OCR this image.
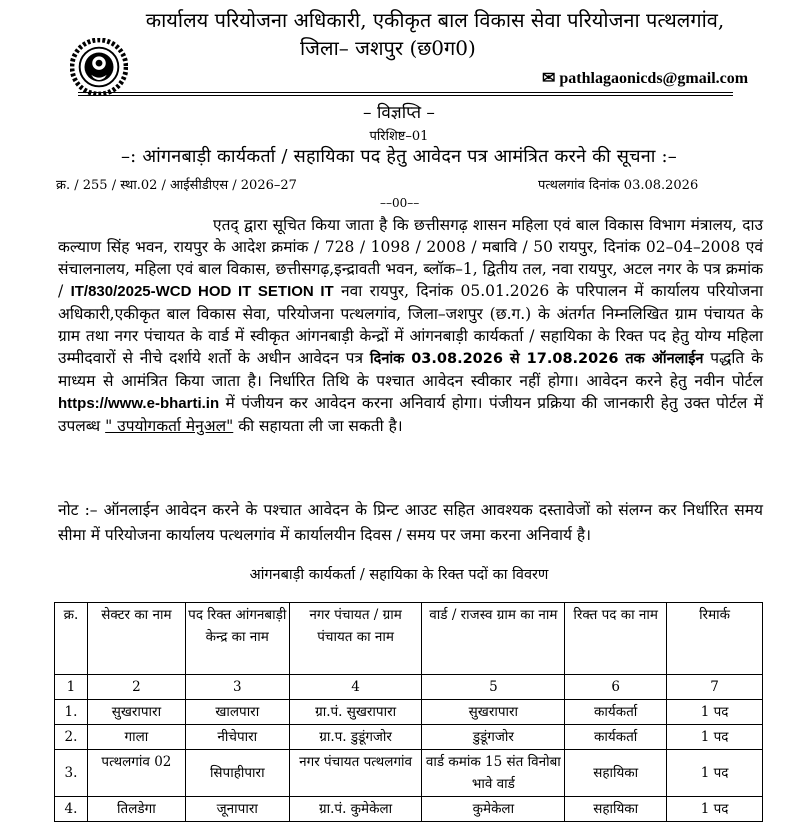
कार्यालय परियोजना अधिकारी, एकीकृत बाल विकास सेवा परियोजना पत्थलगांव,
जिला– जशपुर (छ0ग0)
✉ pathlagaonicds@gmail.com
– विज्ञप्ति –
परिशिष्ट–01
–: आंगनबाड़ी कार्यकर्ता / सहायिका पद हेतु आवेदन पत्र आमंत्रित करने की सूचना :–
क्र. / 255 / स्था.02 / आईसीडीएस / 2026–27	पत्थलगांव दिनांक 03.08.2026
––00––
एतद् द्वारा सूचित किया जाता है कि छत्तीसगढ़ शासन महिला एवं बाल विकास विभाग मंत्रालय, दाउ कल्याण सिंह भवन, रायपुर के आदेश क्रमांक / 728 / 1098 / 2008 / मबावि / 50 रायपुर, दिनांक 02–04–2008 एवं संचालनालय, महिला एवं बाल विकास, छत्तीसगढ़,इन्द्रावती भवन, ब्लॉक–1, द्वितीय तल, नवा रायपुर, अटल नगर के पत्र क्रमांक / IT/830/2025-WCD HOD IT SETION IT नवा रायपुर, दिनांक 05.01.2026 के परिपालन में कार्यालय परियोजना अधिकारी,एकीकृत बाल विकास सेवा, परियोजना पत्थलगांव, जिला–जशपुर (छ.ग.) के अंतर्गत निम्नलिखित ग्राम पंचायत के ग्राम तथा नगर पंचायत के वार्ड में स्वीकृत आंगनबाड़ी केन्द्रों में आंगनबाड़ी कार्यकर्ता / सहायिका के रिक्त पद हेतु योग्य महिला उम्मीदवारों से नीचे दर्शाये शर्तो के अधीन आवेदन पत्र दिनांक 03.08.2026 से 17.08.2026 तक ऑनलाईन पद्धति के माध्यम से आमंत्रित किया जाता है। निर्धारित तिथि के पश्चात आवेदन स्वीकार नहीं होगा। आवेदन करने हेतु नवीन पोर्टल https://www.e-bharti.in में पंजीयन कर आवेदन करना अनिवार्य होगा। पंजीयन प्रक्रिया की जानकारी हेतु उक्त पोर्टल में उपलब्ध " उपयोगकर्ता मेनुअल" की सहायता ली जा सकती है।
नोट :– ऑनलाईन आवेदन करने के पश्चात आवेदन के प्रिन्ट आउट सहित आवश्यक दस्तावेजों को संलग्न कर निर्धारित समय सीमा में परियोजना कार्यालय पत्थलगांव में कार्यालयीन दिवस / समय पर जमा करना अनिवार्य है।
आंगनबाड़ी कार्यकर्ता / सहायिका के रिक्त पदों का विवरण
क्र.	सेक्टर का नाम	पद रिक्त आंगनबाड़ी केन्द्र का नाम	नगर पंचायत / ग्राम पंचायत का नाम	वार्ड / राजस्व ग्राम का नाम	रिक्त पद का नाम	रिमार्क
1	2	3	4	5	6	7
1.	सुखरापारा	खालपारा	ग्रा.पं. सुखरापारा	सुखरापारा	कार्यकर्ता	1 पद
2.	गाला	नीचेपारा	ग्रा.प. डुडूंगजोर	डुडूंगजोर	कार्यकर्ता	1 पद
3.	पत्थलगांव 02	सिपाहीपारा	नगर पंचायत पत्थलगांव	वार्ड कमांक 15 संत विनोबा भावे वार्ड	सहायिका	1 पद
4.	तिलडेगा	जूनापारा	ग्रा.पं. कुमेकेला	कुमेकेला	सहायिका	1 पद
